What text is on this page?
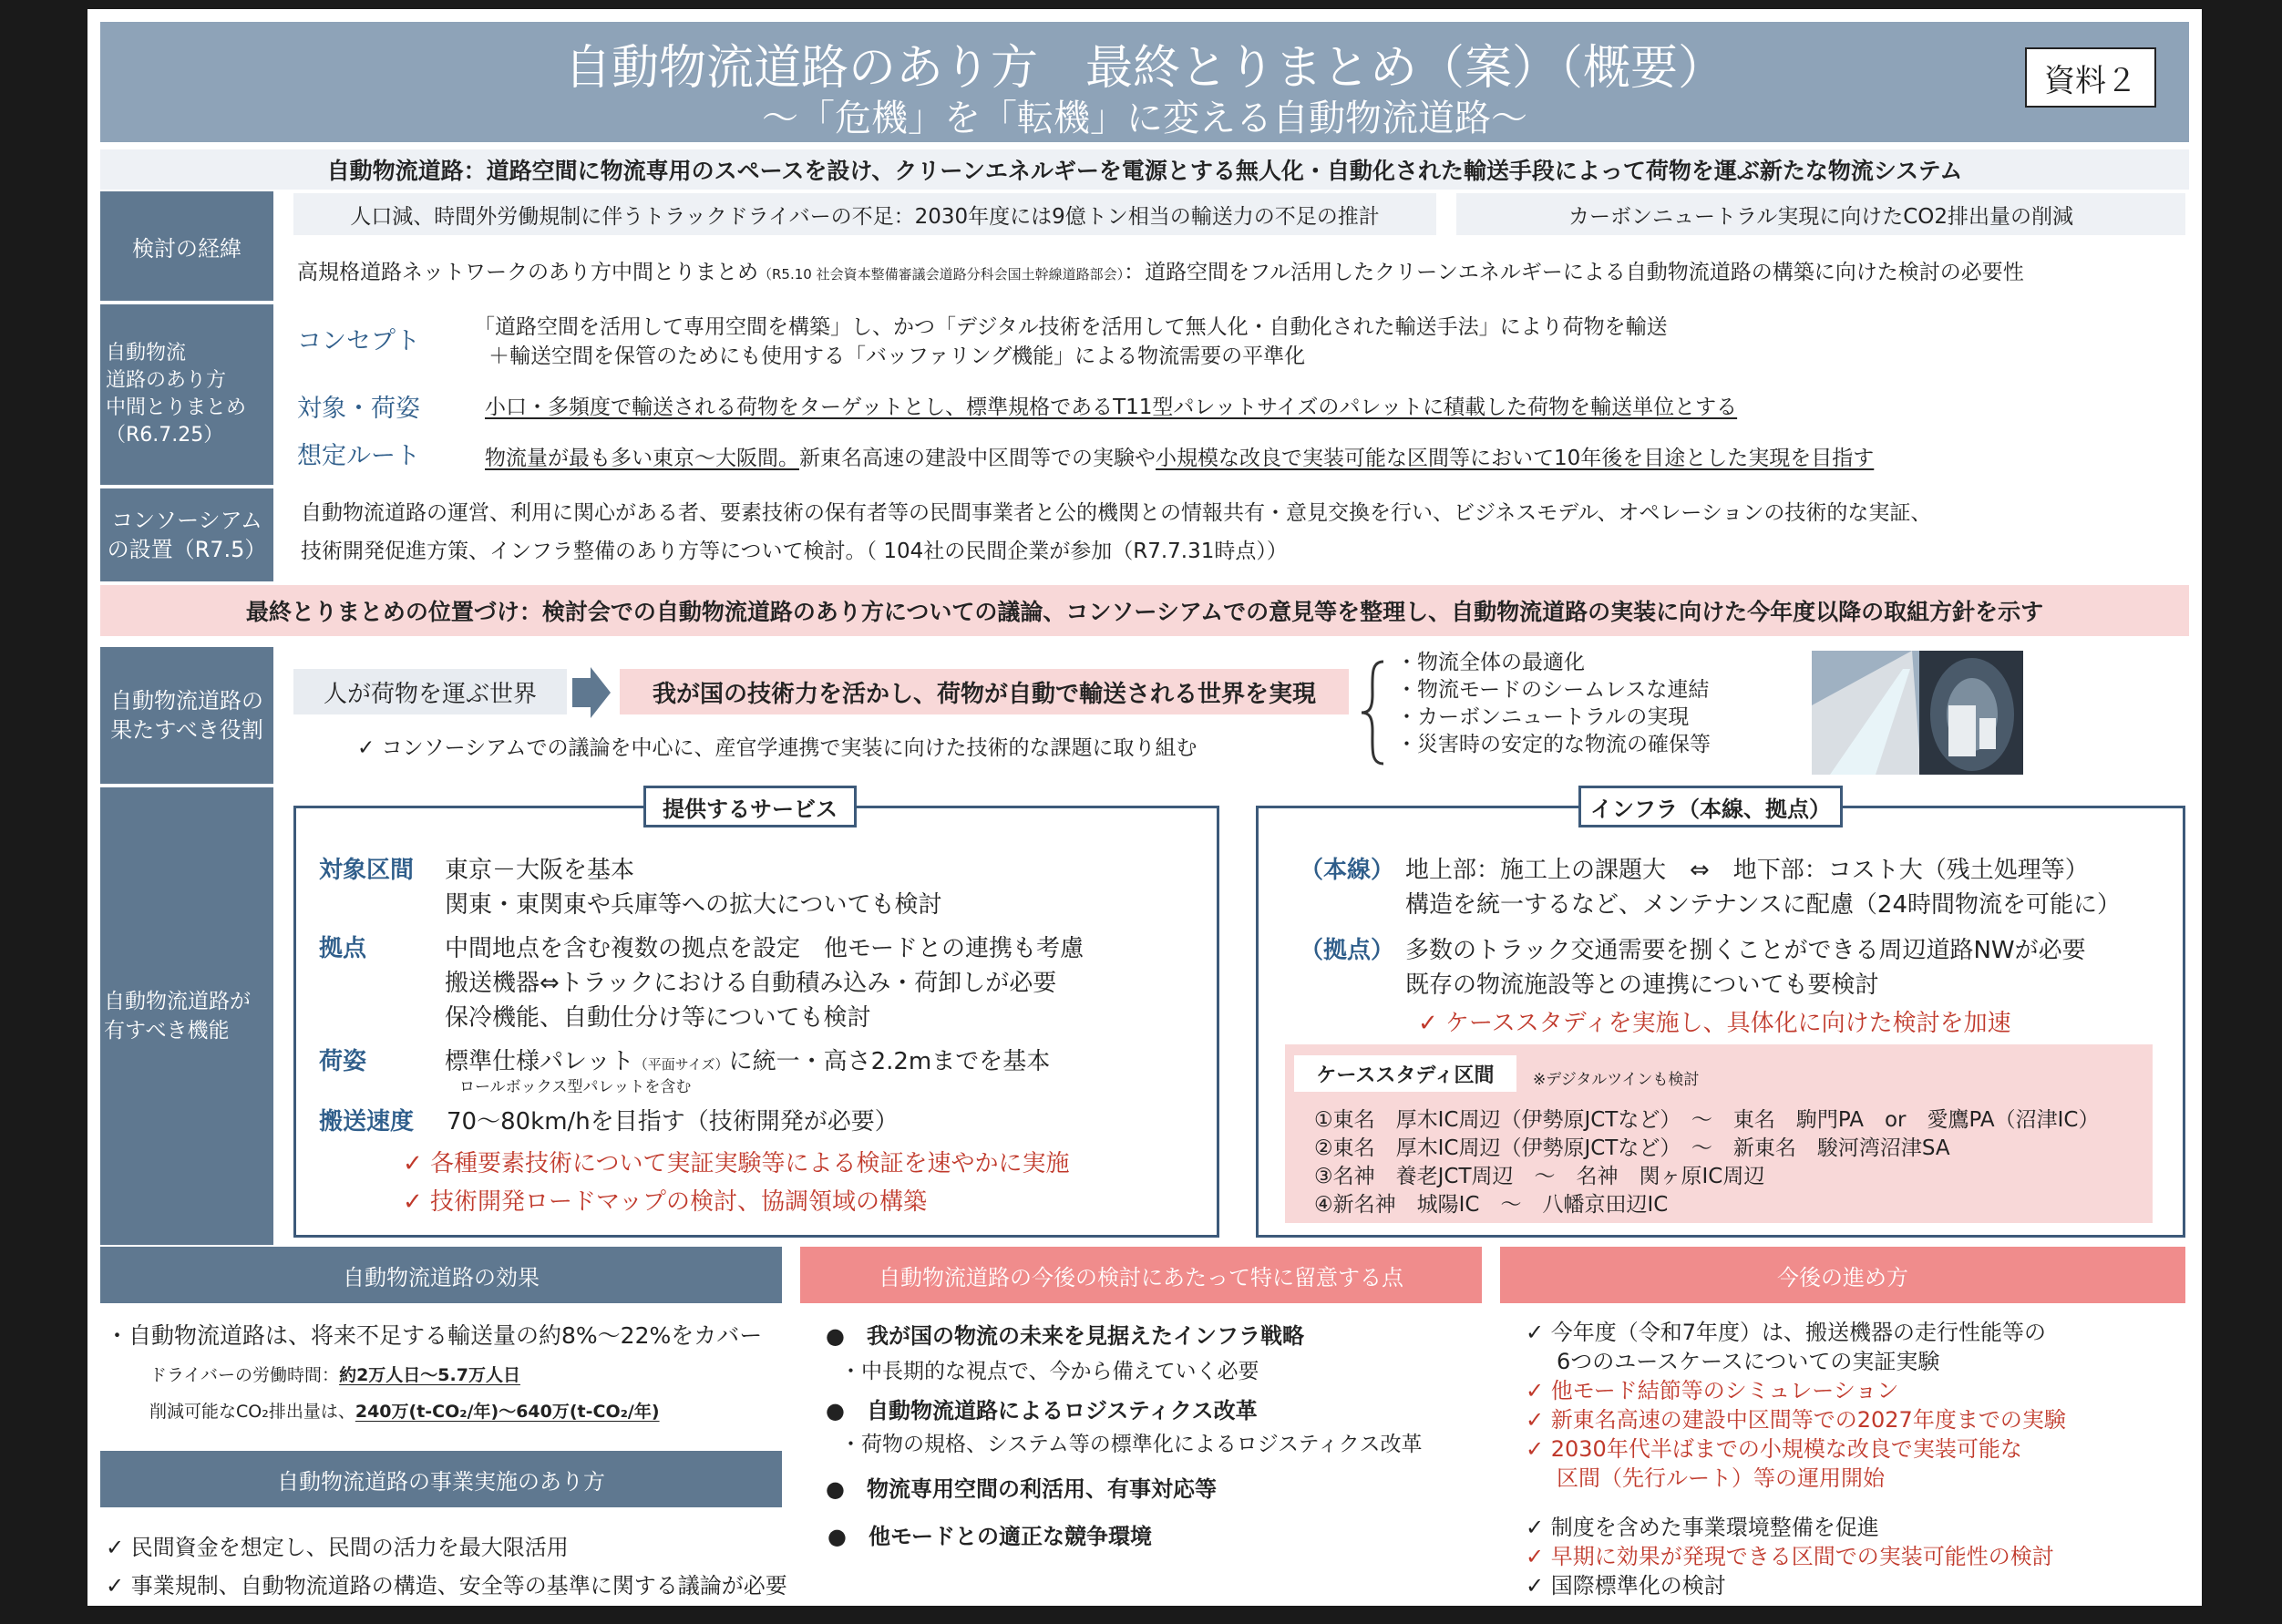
自動物流道路のあり方　最終とりまとめ（案）（概要）

～「危機」を「転機」に変える自動物流道路～

資料２

自動物流道路：道路空間に物流専用のスペースを設け、クリーンエネルギーを電源とする無人化・自動化された輸送手段によって荷物を運ぶ新たな物流システム

検討の経緯

人口減、時間外労働規制に伴うトラックドライバーの不足：2030年度には9億トン相当の輸送力の不足の推計	カーボンニュートラル実現に向けたCO2排出量の削減

高規格道路ネットワークのあり方中間とりまとめ（R5.10 社会資本整備審議会道路分科会国土幹線道路部会）：道路空間をフル活用したクリーンエネルギーによる自動物流道路の構築に向けた検討の必要性

自動物流
道路のあり方
中間とりまとめ
（R6.7.25）

コンセプト	「道路空間を活用して専用空間を構築」し、かつ「デジタル技術を活用して無人化・自動化された輸送手法」により荷物を輸送

＋輸送空間を保管のためにも使用する「バッファリング機能」による物流需要の平準化

対象・荷姿	小口・多頻度で輸送される荷物をターゲットとし、標準規格であるT11型パレットサイズのパレットに積載した荷物を輸送単位とする

想定ルート	物流量が最も多い東京～大阪間。新東名高速の建設中区間等での実験や小規模な改良で実装可能な区間等において10年後を目途とした実現を目指す

コンソーシアム
の設置（R7.5）

自動物流道路の運営、利用に関心がある者、要素技術の保有者等の民間事業者と公的機関との情報共有・意見交換を行い、ビジネスモデル、オペレーションの技術的な実証、

技術開発促進方策、インフラ整備のあり方等について検討。（ 104社の民間企業が参加（R7.7.31時点））

最終とりまとめの位置づけ：検討会での自動物流道路のあり方についての議論、コンソーシアムでの意見等を整理し、自動物流道路の実装に向けた今年度以降の取組方針を示す

自動物流道路の
果たすべき役割

人が荷物を運ぶ世界	我が国の技術力を活かし、荷物が自動で輸送される世界を実現

✓ コンソーシアムでの議論を中心に、産官学連携で実装に向けた技術的な課題に取り組む

・物流全体の最適化

・物流モードのシームレスな連結

・カーボンニュートラルの実現

・災害時の安定的な物流の確保等

自動物流道路が
有すべき機能

提供するサービス

対象区間 東京－大阪を基本

関東・東関東や兵庫等への拡大についても検討

拠点	中間地点を含む複数の拠点を設定　他モードとの連携も考慮

搬送機器⇔トラックにおける自動積み込み・荷卸しが必要

保冷機能、自動仕分け等についても検討

荷姿	標準仕様パレット（平面サイズ）に統一・高さ2.2mまでを基本

ロールボックス型パレットを含む

搬送速度 70～80km/hを目指す（技術開発が必要）

✓ 各種要素技術について実証実験等による検証を速やかに実施

✓ 技術開発ロードマップの検討、協調領域の構築

インフラ（本線、拠点）

（本線） 地上部：施工上の課題大　⇔　地下部：コスト大（残土処理等）

構造を統一するなど、メンテナンスに配慮（24時間物流を可能に）

（拠点） 多数のトラック交通需要を捌くことができる周辺道路NWが必要

既存の物流施設等との連携についても要検討

✓ ケーススタディを実施し、具体化に向けた検討を加速

ケーススタディ区間	※デジタルツインも検討

①東名　厚木IC周辺（伊勢原JCTなど）　～　東名　駒門PA　or　愛鷹PA（沼津IC）

②東名　厚木IC周辺（伊勢原JCTなど）　～　新東名　駿河湾沼津SA

③名神　養老JCT周辺　～　名神　関ヶ原IC周辺

④新名神　城陽IC　～　八幡京田辺IC

自動物流道路の効果

・自動物流道路は、将来不足する輸送量の約8%～22%をカバー

ドライバーの労働時間：約2万人日～5.7万人日

削減可能なCO₂排出量は、240万(t-CO₂/年)～640万(t-CO₂/年)

自動物流道路の事業実施のあり方

✓ 民間資金を想定し、民間の活力を最大限活用

✓ 事業規制、自動物流道路の構造、安全等の基準に関する議論が必要

自動物流道路の今後の検討にあたって特に留意する点

●　我が国の物流の未来を見据えたインフラ戦略

・中長期的な視点で、今から備えていく必要

●　自動物流道路によるロジスティクス改革

・荷物の規格、システム等の標準化によるロジスティクス改革

●　物流専用空間の利活用、有事対応等

●　他モードとの適正な競争環境

今後の進め方

✓ 今年度（令和7年度）は、搬送機器の走行性能等の

6つのユースケースについての実証実験

✓ 他モード結節等のシミュレーション

✓ 新東名高速の建設中区間等での2027年度までの実験

✓ 2030年代半ばまでの小規模な改良で実装可能な

区間（先行ルート）等の運用開始

✓ 制度を含めた事業環境整備を促進

✓ 早期に効果が発現できる区間での実装可能性の検討

✓ 国際標準化の検討
